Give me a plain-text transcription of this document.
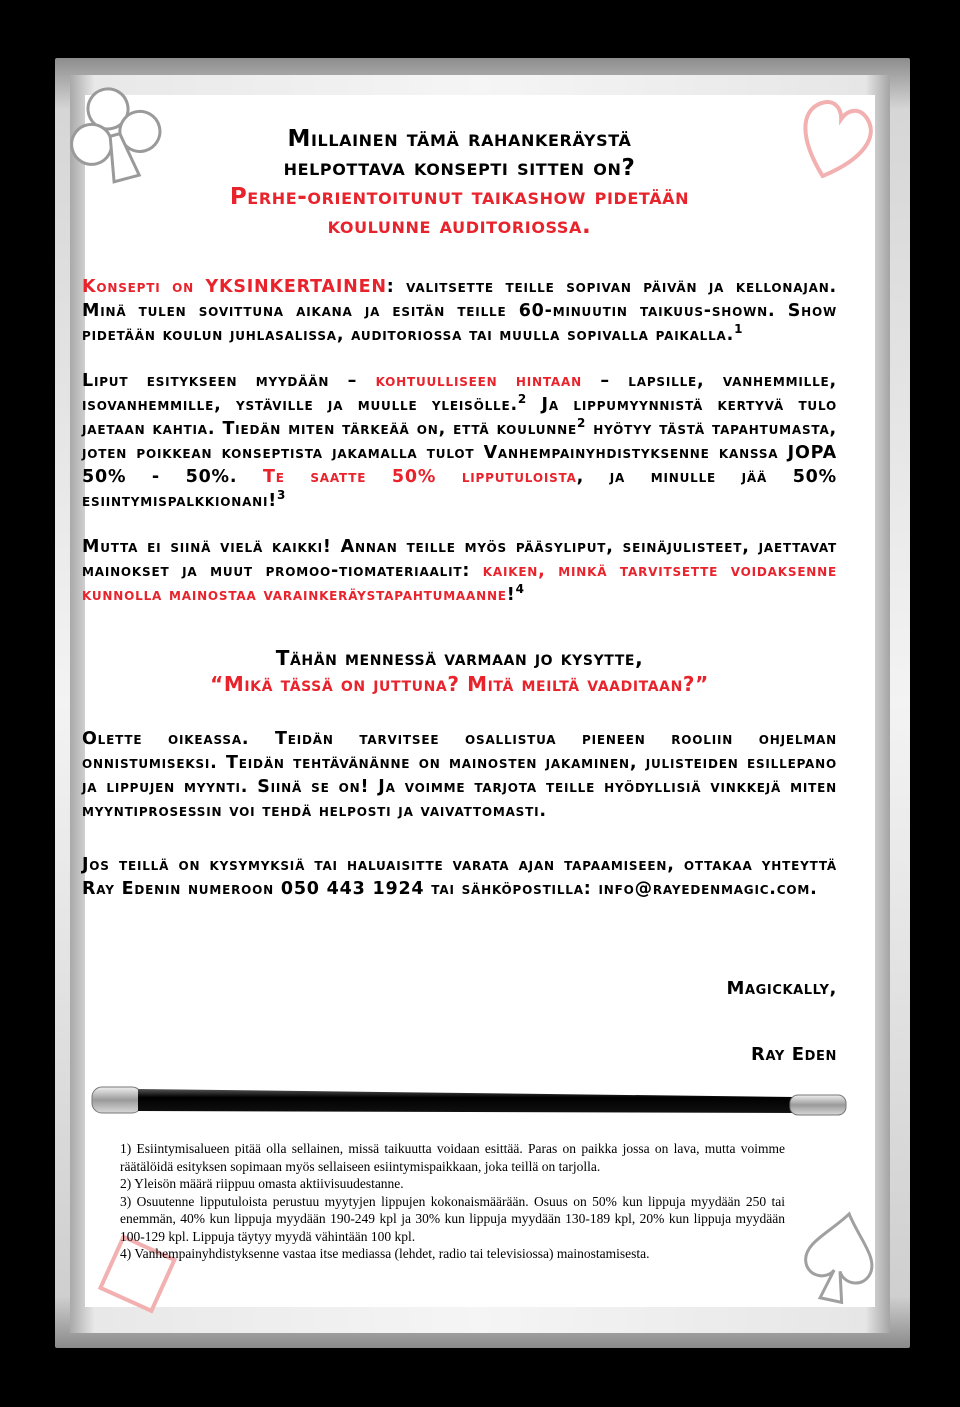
Millainen tämä rahankeräystä
helpottava konsepti sitten on?
Perhe-orientoitunut taikashow pidetään
koulunne auditoriossa.

Konsepti on YKSINKERTAINEN: valitsette teille sopivan päivän ja kellonajan. Minä tulen sovittuna aikana ja esitän teille 60-minuutin taikuus-shown. Show pidetään koulun juhlasalissa, auditoriossa tai muulla sopivalla paikalla.$^1$

Liput esitykseen myydään – kohtuulliseen hintaan – lapsille, vanhemmille, isovanhemmille, ystäville ja muulle yleisölle.$^2$ Ja lippumyynnistä kertyvä tulo jaetaan kahtia. Tiedän miten tärkeää on, että koulunne$^2$ hyötyy tästä tapahtumasta, joten poikkean konseptista jakamalla tulot Vanhempainyhdistyksenne kanssa JOPA 50% - 50%. Te saatte 50% lipputuloista, ja minulle jää 50% esiintymispalkkionani!$^3$

Mutta ei siinä vielä kaikki! Annan teille myös pääsyliput, seinäjulisteet, jaettavat mainokset ja muut promoo-tiomateriaalit: kaiken, minkä tarvitsette voidaksenne kunnolla mainostaa varainkeräystapahtumaanne!$^4$

Tähän mennessä varmaan jo kysytte,
“Mikä tässä on juttuna? Mitä meiltä vaaditaan?”

Olette oikeassa. Teidän tarvitsee osallistua pieneen rooliin ohjelman onnistumiseksi. Teidän tehtävänänne on mainosten jakaminen, julisteiden esillepano ja lippujen myynti. Siinä se on! Ja voimme tarjota teille hyödyllisiä vinkkejä miten myyntiprosessin voi tehdä helposti ja vaivattomasti.

Jos teillä on kysymyksiä tai haluaisitte varata ajan tapaamiseen, ottakaa yhteyttä Ray Edenin numeroon 050 443 1924 tai sähköpostilla: info@rayedenmagic.com.

Magickally,
Ray Eden
1) Esiintymisalueen pitää olla sellainen, missä taikuutta voidaan esittää. Paras on paikka jossa on lava, mutta voimme räätälöidä esityksen sopimaan myös sellaiseen esiintymispaikkaan, joka teillä on tarjolla.
2) Yleisön määrä riippuu omasta aktiivisuudestanne.
3) Osuutenne lipputuloista perustuu myytyjen lippujen kokonaismäärään. Osuus on 50% kun lippuja myydään 250 tai enemmän, 40% kun lippuja myydään 190-249 kpl ja 30% kun lippuja myydään 130-189 kpl, 20% kun lippuja myydään 100-129 kpl. Lippuja täytyy myydä vähintään 100 kpl.
4) Vanhempainyhdistyksenne vastaa itse mediassa (lehdet, radio tai televisiossa) mainostamisesta.
